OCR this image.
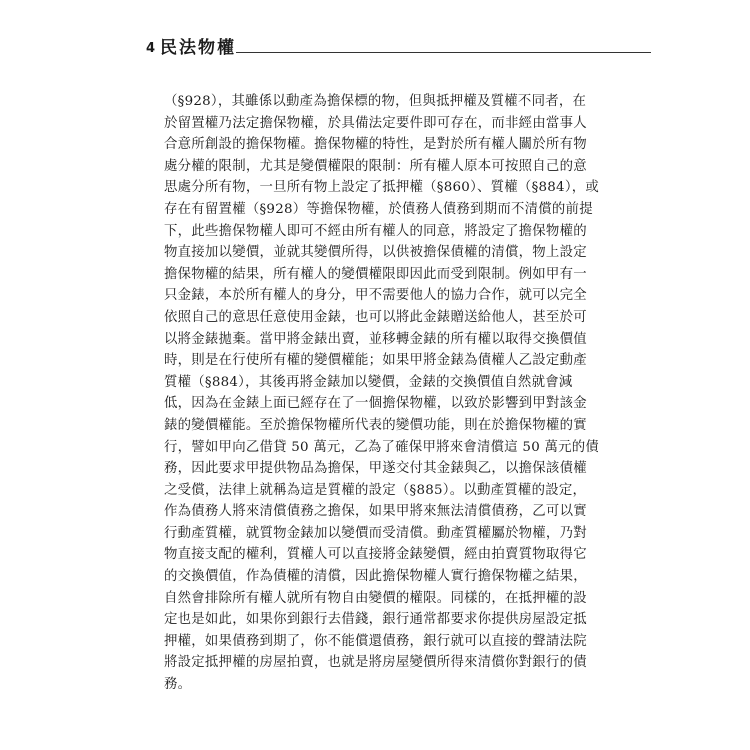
4 民法物權
（§928），其雖係以動產為擔保標的物，但與抵押權及質權不同者，在
於留置權乃法定擔保物權，於具備法定要件即可存在，而非經由當事人
合意所創設的擔保物權。擔保物權的特性，是對於所有權人關於所有物
處分權的限制，尤其是變價權限的限制：所有權人原本可按照自己的意
思處分所有物，一旦所有物上設定了抵押權（§860）、質權（§884），或
存在有留置權（§928）等擔保物權，於債務人債務到期而不清償的前提
下，此些擔保物權人即可不經由所有權人的同意，將設定了擔保物權的
物直接加以變價，並就其變價所得，以供被擔保債權的清償，物上設定
擔保物權的結果，所有權人的變價權限即因此而受到限制。例如甲有一
只金錶，本於所有權人的身分，甲不需要他人的協力合作，就可以完全
依照自己的意思任意使用金錶，也可以將此金錶贈送給他人，甚至於可
以將金錶拋棄。當甲將金錶出賣，並移轉金錶的所有權以取得交換價值
時，則是在行使所有權的變價權能；如果甲將金錶為債權人乙設定動產
質權（§884），其後再將金錶加以變價，金錶的交換價值自然就會減
低，因為在金錶上面已經存在了一個擔保物權，以致於影響到甲對該金
錶的變價權能。至於擔保物權所代表的變價功能，則在於擔保物權的實
行，譬如甲向乙借貸 50 萬元，乙為了確保甲將來會清償這 50 萬元的債
務，因此要求甲提供物品為擔保，甲遂交付其金錶與乙，以擔保該債權
之受償，法律上就稱為這是質權的設定（§885）。以動產質權的設定，
作為債務人將來清償債務之擔保，如果甲將來無法清償債務，乙可以實
行動產質權，就質物金錶加以變價而受清償。動產質權屬於物權，乃對
物直接支配的權利，質權人可以直接將金錶變價，經由拍賣質物取得它
的交換價值，作為債權的清償，因此擔保物權人實行擔保物權之結果，
自然會排除所有權人就所有物自由變價的權限。同樣的，在抵押權的設
定也是如此，如果你到銀行去借錢，銀行通常都要求你提供房屋設定抵
押權，如果債務到期了，你不能償還債務，銀行就可以直接的聲請法院
將設定抵押權的房屋拍賣，也就是將房屋變價所得來清償你對銀行的債
務。
